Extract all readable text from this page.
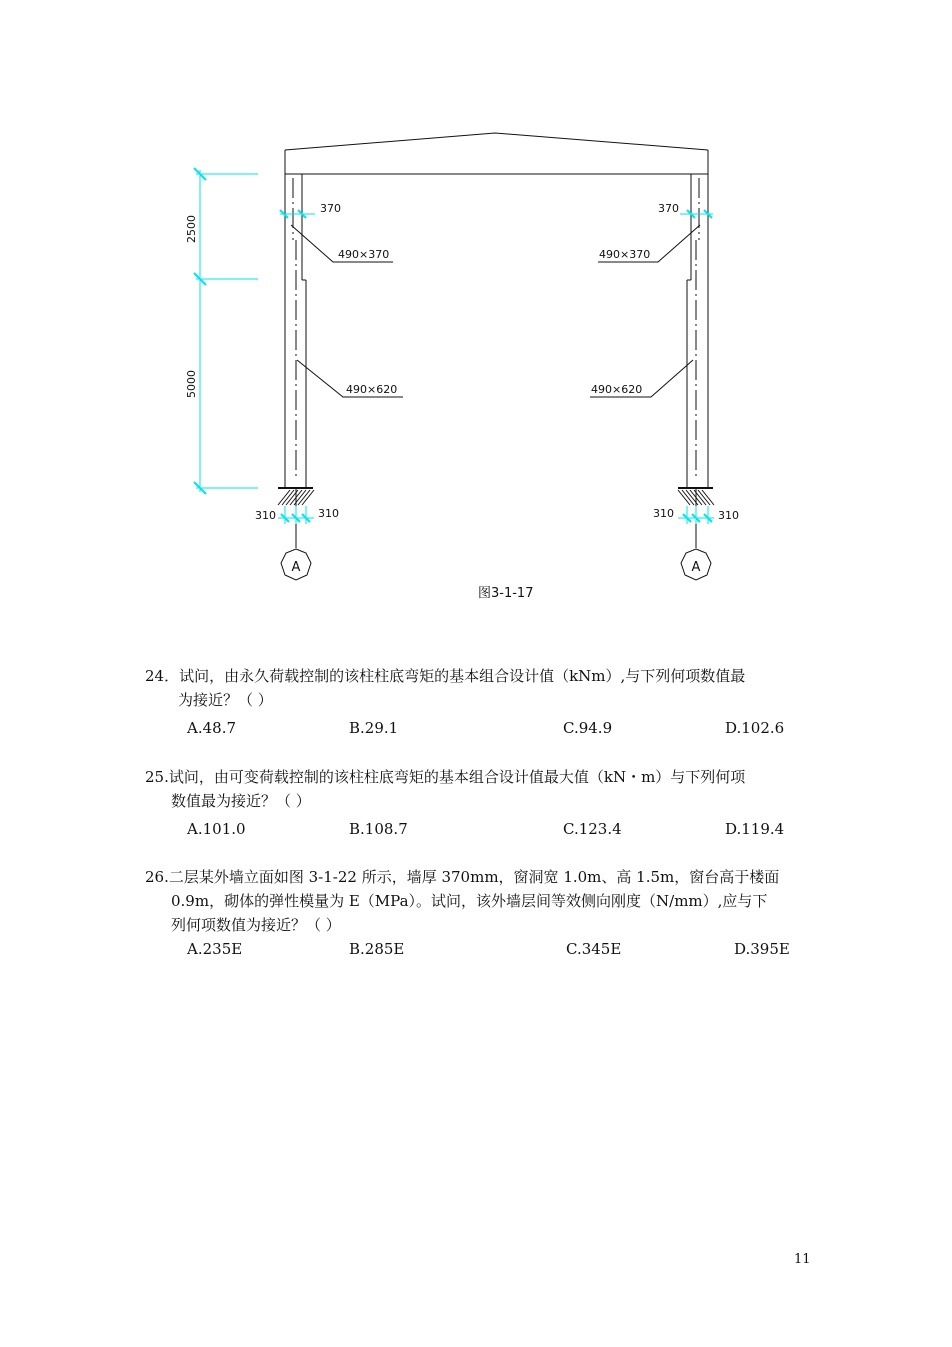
2500
5000
370	370
310	310	310	310
490×370
490×620
490×370
490×620
A	A
图3-1-17
24．试问，由永久荷载控制的该柱柱底弯矩的基本组合设计值（kNm）,与下列何项数值最
为接近？（ ）
A.48.7	B.29.1	C.94.9	D.102.6
25.试问，由可变荷载控制的该柱柱底弯矩的基本组合设计值最大值（kN・m）与下列何项
数值最为接近？（ ）
A.101.0	B.108.7	C.123.4	D.119.4
26.二层某外墙立面如图 3-1-22 所示，墙厚 370mm，窗洞宽 1.0m、高 1.5m，窗台高于楼面
0.9m，砌体的弹性模量为 E（MPa）。试问，该外墙层间等效侧向刚度（N/mm）,应与下
列何项数值为接近？（ ）
A.235E	B.285E	C.345E	D.395E
11
